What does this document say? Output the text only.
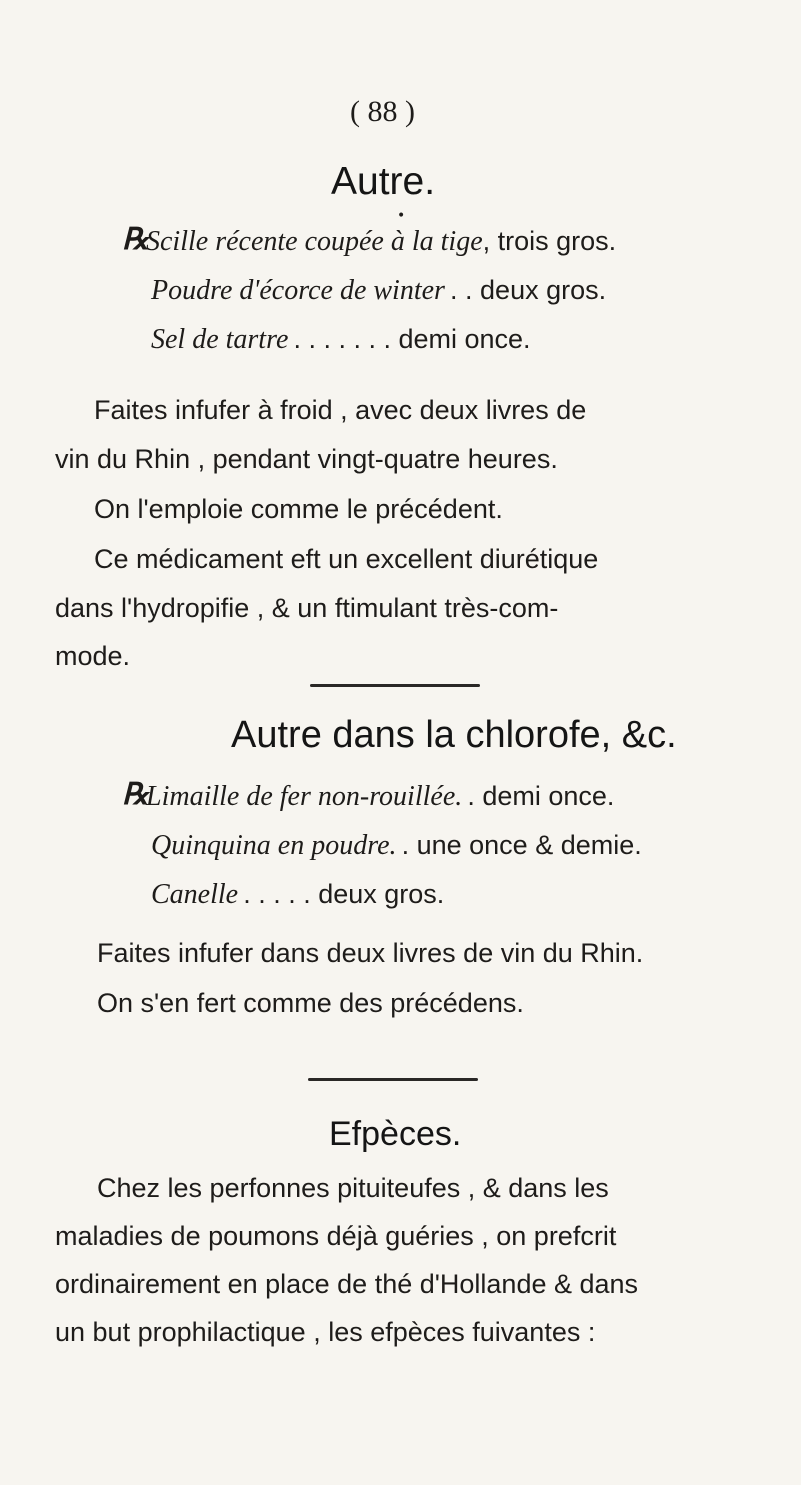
( 88 )
Autre.
•
℞
Scille récente coupée à la tige, trois gros.
Poudre d'écorce de winter . . deux gros.
Sel de tartre . . . . . . . demi once.
Faites infufer à froid , avec deux livres de
vin du Rhin , pendant vingt-quatre heures.
On l'emploie comme le précédent.
Ce médicament eft un excellent diurétique
dans l'hydropifie , & un ftimulant très-com-
mode.
Autre dans la chlorofe, &c.
℞
Limaille de fer non-rouillée. . demi once.
Quinquina en poudre. . une once & demie.
Canelle . . . . . deux gros.
Faites infufer dans deux livres de vin du Rhin.
On s'en fert comme des précédens.
Efpèces.
Chez les perfonnes pituiteufes , & dans les
maladies de poumons déjà guéries , on prefcrit
ordinairement en place de thé d'Hollande & dans
un but prophilactique , les efpèces fuivantes :
